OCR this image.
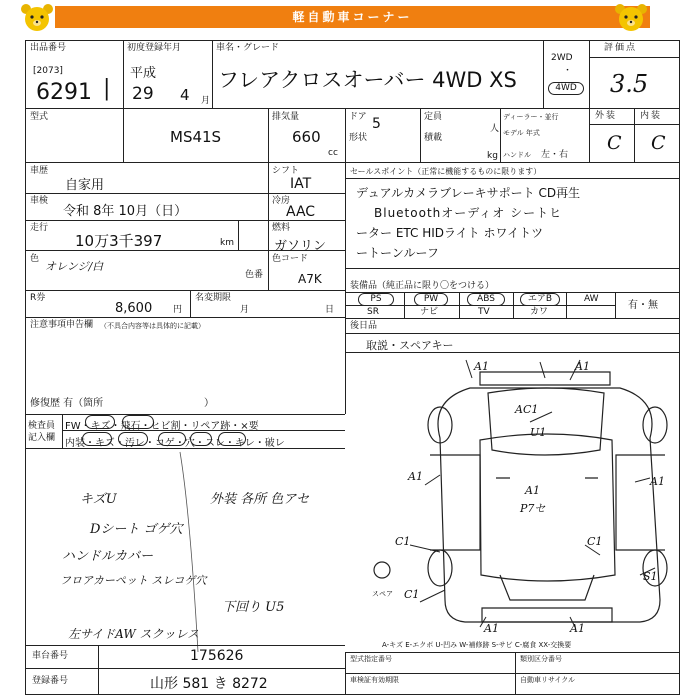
軽自動車コーナー
出品番号
[2073]
6291 |
初度登録年月
平成
29 4 月
車名・グレード
フレアクロスオーバー 4WD XS
2WD
・
4WD
評価点
3.5
型式
MS41S
排気量
660
cc
ドア 5
形状
定員
人
積載
kg
ディーラー・並行
モデル 年式
ハンドル 左・右
外装	内装
C C
車歴
自家用
シフト
IAT
車検
令和 8年 10月（日）
冷房
AAC
走行
10万3千397	km
燃料
ガソリン
色
オレンジ/白
色番
色コード
A7K
R券
8,600 円
名変期限
月	日
注意事項申告欄 （不具合内容等は具体的に記載）
修復歴 有（箇所	）
セールスポイント（正常に機能するものに限ります）
デュアルカメラブレーキサポート CD再生
Bluetoothオーディオ シートヒ
ーター ETC HIDライト ホワイトツ
ートーンルーフ
装備品（純正品に限り〇をつける）
PS	PW	ABS	エアB	AW
SR	ナビ	TV	カワ
有・無
後日品
取説・スペアキー
検査員
記入欄
FW・キズ・飛石・ヒビ割・リペア跡・×要
内装・キズ・汚レ・コゲ・穴・スレ・キレ・破レ
キズU	外装 各所 色アセ
Dシート ゴゲ穴
ハンドルカバー
フロアカーペット スレコゲ穴
下回り U5
左サイドAW スクッレス
A1	A1
AC1
U1
A1
A1
P7セ
A1
C1	C1
S1
C1
A1	A1
スペア
A-キズ E-エクボ U-凹み W-補修跡 S-サビ C-腐食 XX-交換要
車台番号	175626
登録番号	山形 581 き 8272
型式指定番号	類別区分番号
車検証有効期限	自動車リサイクル
